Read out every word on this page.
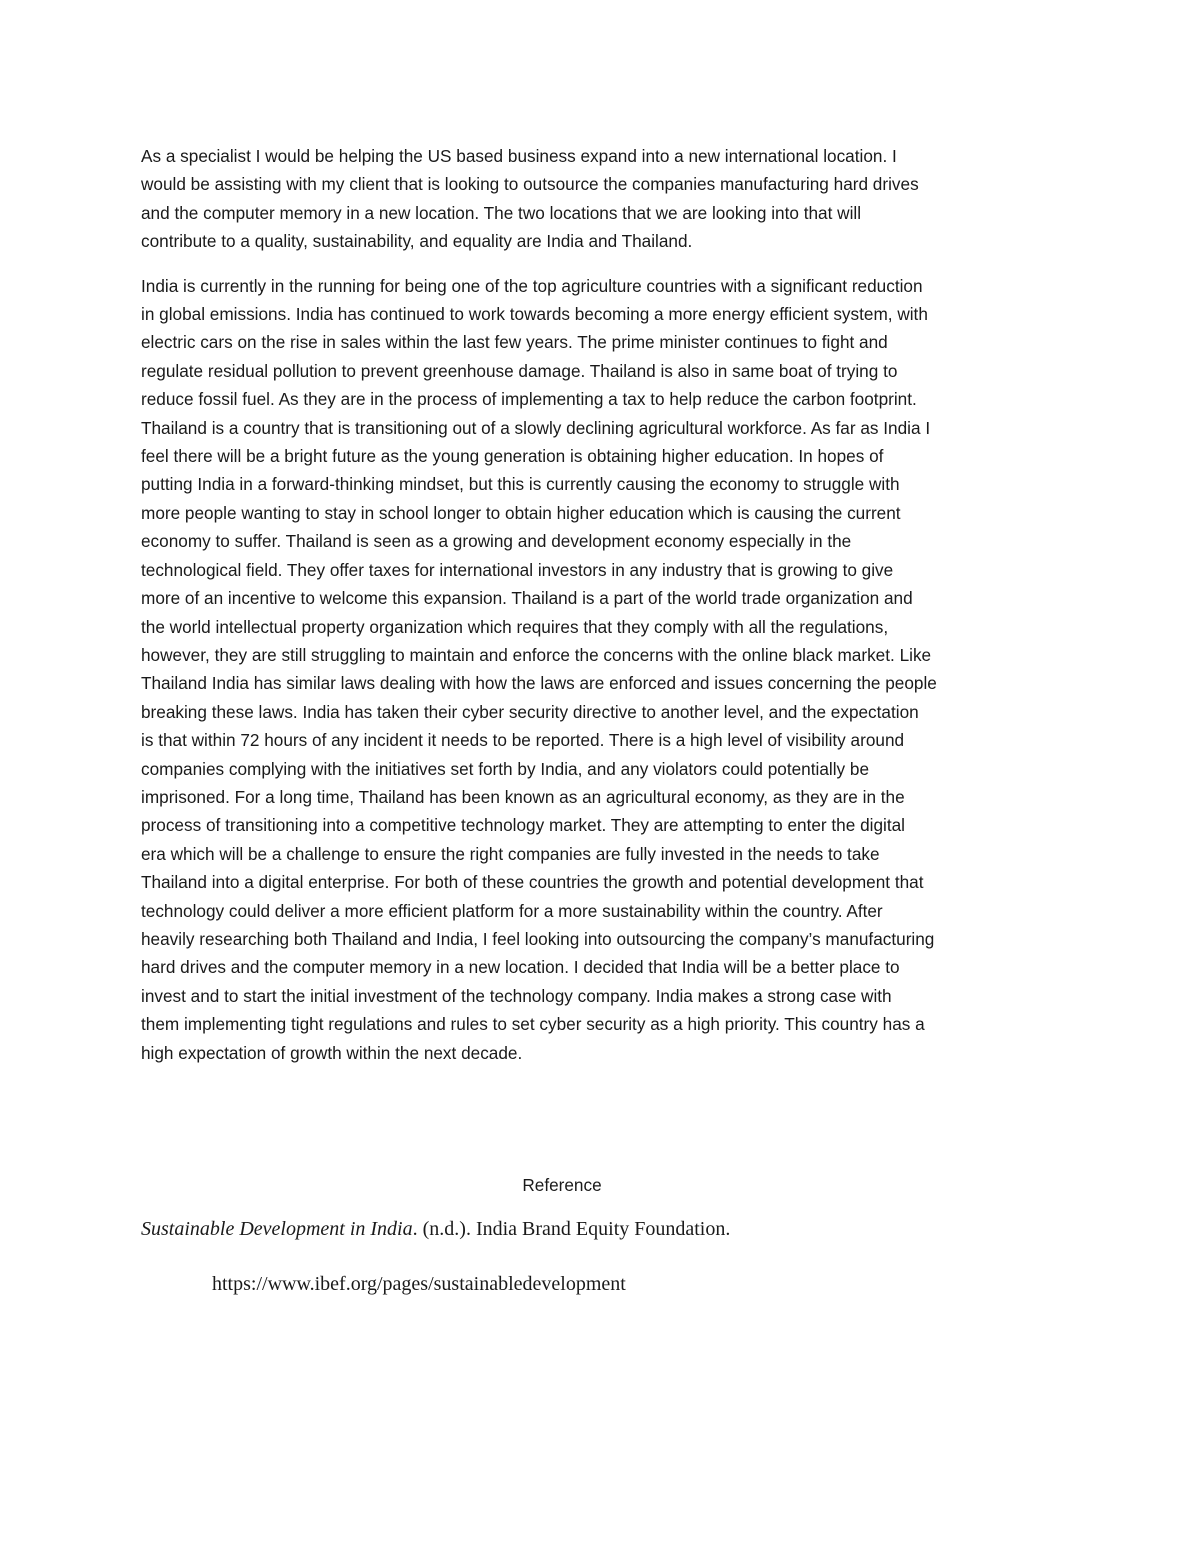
As a specialist I would be helping the US based business expand into a new international location. I
would be assisting with my client that is looking to outsource the companies manufacturing hard drives
and the computer memory in a new location. The two locations that we are looking into that will
contribute to a quality, sustainability, and equality are India and Thailand.

India is currently in the running for being one of the top agriculture countries with a significant reduction
in global emissions. India has continued to work towards becoming a more energy efficient system, with
electric cars on the rise in sales within the last few years. The prime minister continues to fight and
regulate residual pollution to prevent greenhouse damage. Thailand is also in same boat of trying to
reduce fossil fuel. As they are in the process of implementing a tax to help reduce the carbon footprint.
Thailand is a country that is transitioning out of a slowly declining agricultural workforce. As far as India I
feel there will be a bright future as the young generation is obtaining higher education. In hopes of
putting India in a forward-thinking mindset, but this is currently causing the economy to struggle with
more people wanting to stay in school longer to obtain higher education which is causing the current
economy to suffer. Thailand is seen as a growing and development economy especially in the
technological field. They offer taxes for international investors in any industry that is growing to give
more of an incentive to welcome this expansion. Thailand is a part of the world trade organization and
the world intellectual property organization which requires that they comply with all the regulations,
however, they are still struggling to maintain and enforce the concerns with the online black market. Like
Thailand India has similar laws dealing with how the laws are enforced and issues concerning the people
breaking these laws. India has taken their cyber security directive to another level, and the expectation
is that within 72 hours of any incident it needs to be reported. There is a high level of visibility around
companies complying with the initiatives set forth by India, and any violators could potentially be
imprisoned. For a long time, Thailand has been known as an agricultural economy, as they are in the
process of transitioning into a competitive technology market. They are attempting to enter the digital
era which will be a challenge to ensure the right companies are fully invested in the needs to take
Thailand into a digital enterprise. For both of these countries the growth and potential development that
technology could deliver a more efficient platform for a more sustainability within the country. After
heavily researching both Thailand and India, I feel looking into outsourcing the company’s manufacturing
hard drives and the computer memory in a new location. I decided that India will be a better place to
invest and to start the initial investment of the technology company. India makes a strong case with
them implementing tight regulations and rules to set cyber security as a high priority. This country has a
high expectation of growth within the next decade.

Reference
Sustainable Development in India. (n.d.). India Brand Equity Foundation.
https://www.ibef.org/pages/sustainabledevelopment
